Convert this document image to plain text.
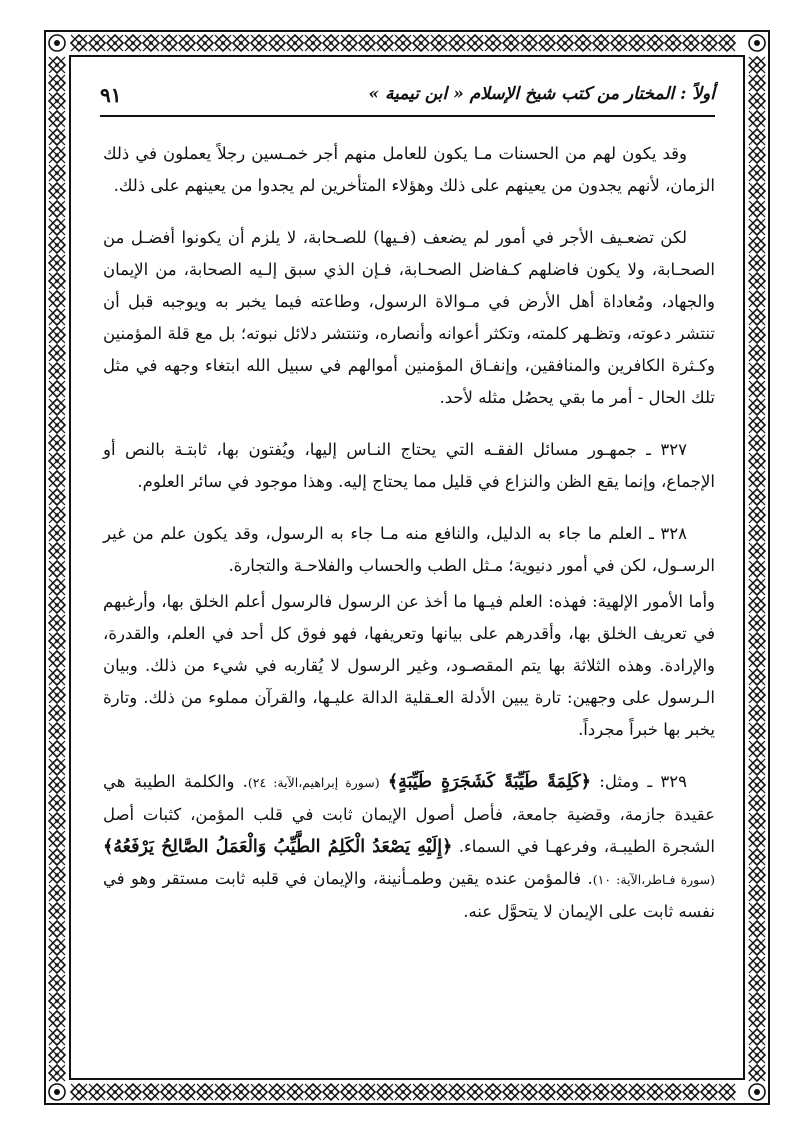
أولاً : المختار من كتب شيخ الإسلام « ابن تيمية »
٩١

وقد يكون لهم من الحسنات مـا يكون للعامل منهم أجر خمـسين رجلاً يعملون في ذلك الزمان، لأنهم يجدون من يعينهم على ذلك وهؤلاء المتأخرين لم يجدوا من يعينهم على ذلك.

لكن تضعـيف الأجر في أمور لم يضعف (فـيها) للصـحابة، لا يلزم أن يكونوا أفضـل من الصحـابة، ولا يكون فاضلهم كـفاضل الصحـابة، فـإن الذي سبق إلـيه الصحابة، من الإيمان والجهاد، ومُعاداة أهل الأرض في مـوالاة الرسول، وطاعته فيما يخبر به ويوجبه قبل أن تنتشر دعوته، وتظـهر كلمته، وتكثر أعوانه وأنصاره، وتنتشر دلائل نبوته؛ بل مع قلة المؤمنين وكـثرة الكافرين والمنافقين، وإنفـاق المؤمنين أموالهم في سبيل الله ابتغاء وجهه في مثل تلك الحال - أمر ما بقي يحصُل مثله لأحد.

٣٢٧ ـ جمهـور مسائل الفقـه التي يحتاج النـاس إليها، ويُفتون بها، ثابتـة بالنص أو الإجماع، وإنما يقع الظن والنزاع في قليل مما يحتاج إليه. وهذا موجود في سائر العلوم.

٣٢٨ ـ العلم ما جاء به الدليل، والنافع منه مـا جاء به الرسول، وقد يكون علم من غير الرسـول، لكن في أمور دنيوية؛ مـثل الطب والحساب والفلاحـة والتجارة.

وأما الأمور الإلهية: فهذه: العلم فيـها ما أخذ عن الرسول فالرسول أعلم الخلق بها، وأرغبهم في تعريف الخلق بها، وأقدرهم على بيانها وتعريفها، فهو فوق كل أحد في العلم، والقدرة، والإرادة. وهذه الثلاثة بها يتم المقصـود، وغير الرسول لا يُقاربه في شيء من ذلك. وبيان الـرسول على وجهين: تارة يبين الأدلة العـقلية الدالة عليـها، والقرآن مملوء من ذلك. وتارة يخبر بها خبراً مجرداً.

٣٢٩ ـ ومثل: ﴿كَلِمَةً طَيِّبَةً كَشَجَرَةٍ طَيِّبَةٍ﴾ (سورة إبراهيم،الآية: ٢٤). والكلمة الطيبة هي عقيدة جازمة، وقضية جامعة، فأصل أصول الإيمان ثابت في قلب المؤمن، كثبات أصل الشجرة الطيبـة، وفرعهـا في السماء. ﴿إِلَيْهِ يَصْعَدُ الْكَلِمُ الطَّيِّبُ وَالْعَمَلُ الصَّالِحُ يَرْفَعُهُ﴾ (سورة فـاطر،الآية: ١٠). فالمؤمن عنده يقين وطمـأنينة، والإيمان في قلبه ثابت مستقر وهو في نفسه ثابت على الإيمان لا يتحوَّل عنه.
